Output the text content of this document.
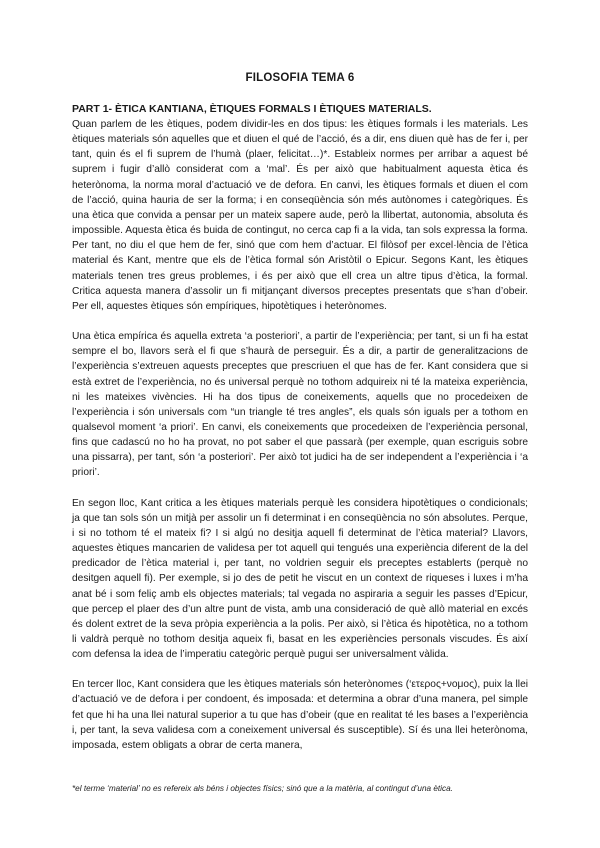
FILOSOFIA TEMA 6
PART 1- ÈTICA KANTIANA, ÈTIQUES FORMALS I ÈTIQUES MATERIALS.

Quan parlem de les ètiques, podem dividir-les en dos tipus: les ètiques formals i les materials. Les ètiques materials són aquelles que et diuen el qué de l’acció, és a dir, ens diuen què has de fer i, per tant, quin és el fi suprem de l’humà (plaer, felicitat…)*. Estableix normes per arribar a aquest bé suprem i fugir d’allò considerat com a ‘mal’. És per això que habitualment aquesta ètica és heterònoma, la norma moral d’actuació ve de defora. En canvi, les ètiques formals et diuen el com de l’acció, quina hauria de ser la forma; i en conseqüència són més autònomes i categòriques. És una ètica que convida a pensar per un mateix sapere aude, però la llibertat, autonomia, absoluta és impossible. Aquesta ètica és buida de contingut, no cerca cap fi a la vida, tan sols expressa la forma. Per tant, no diu el que hem de fer, sinó que com hem d’actuar. El filòsof per excel·lència de l’ètica material és Kant, mentre que els de l’ètica formal són Aristòtil o Epicur. Segons Kant, les ètiques materials tenen tres greus problemes, i és per això que ell crea un altre tipus d’ètica, la formal. Critica aquesta manera d’assolir un fi mitjançant diversos preceptes presentats que s’han d’obeir. Per ell, aquestes ètiques són empíriques, hipotètiques i heterònomes.

Una ètica empírica és aquella extreta ‘a posteriori’, a partir de l’experiència; per tant, si un fi ha estat sempre el bo, llavors serà el fi que s’haurà de perseguir. És a dir, a partir de generalitzacions de l’experiència s’extreuen aquests preceptes que prescriuen el que has de fer. Kant considera que si està extret de l’experiència, no és universal perquè no tothom adquireix ni té la mateixa experiència, ni les mateixes vivències. Hi ha dos tipus de coneixements, aquells que no procedeixen de l’experiència i són universals com “un triangle té tres angles”, els quals són iguals per a tothom en qualsevol moment ‘a priori’. En canvi, els coneixements que procedeixen de l’experiència personal, fins que cadascú no ho ha provat, no pot saber el que passarà (per exemple, quan escriguis sobre una pissarra), per tant, són ‘a posteriori’. Per això tot judici ha de ser independent a l’experiència i ‘a priori’.

En segon lloc, Kant critica a les ètiques materials perquè les considera hipotètiques o condicionals; ja que tan sols són un mitjà per assolir un fi determinat i en conseqüència no són absolutes. Perque, i si no tothom té el mateix fi? I si algú no desitja aquell fi determinat de l’ètica material? Llavors, aquestes ètiques mancarien de validesa per tot aquell qui tengués una experiència diferent de la del predicador de l’ètica material i, per tant, no voldrien seguir els preceptes establerts (perquè no desitgen aquell fi). Per exemple, si jo des de petit he viscut en un context de riqueses i luxes i m’ha anat bé i som feliç amb els objectes materials; tal vegada no aspiraria a seguir les passes d’Epicur, que percep el plaer des d’un altre punt de vista, amb una consideració de què allò material en excés és dolent extret de la seva pròpia experiència a la polis. Per això, si l’ètica és hipotètica, no a tothom li valdrà perquè no tothom desitja aqueix fi, basat en les experiències personals viscudes. És així com defensa la idea de l’imperatiu categòric perquè pugui ser universalment vàlida.

En tercer lloc, Kant considera que les ètiques materials són heterònomes (‘ετερος+νομος), puix la llei d’actuació ve de defora i per condoent, és imposada: et determina a obrar d’una manera, pel simple fet que hi ha una llei natural superior a tu que has d’obeir (que en realitat té les bases a l’experiència i, per tant, la seva validesa com a coneixement universal és susceptible). Sí és una llei heterònoma, imposada, estem obligats a obrar de certa manera,

*el terme ‘material’ no es refereix als béns i objectes físics; sinó que a la matèria, al contingut d’una ètica.
